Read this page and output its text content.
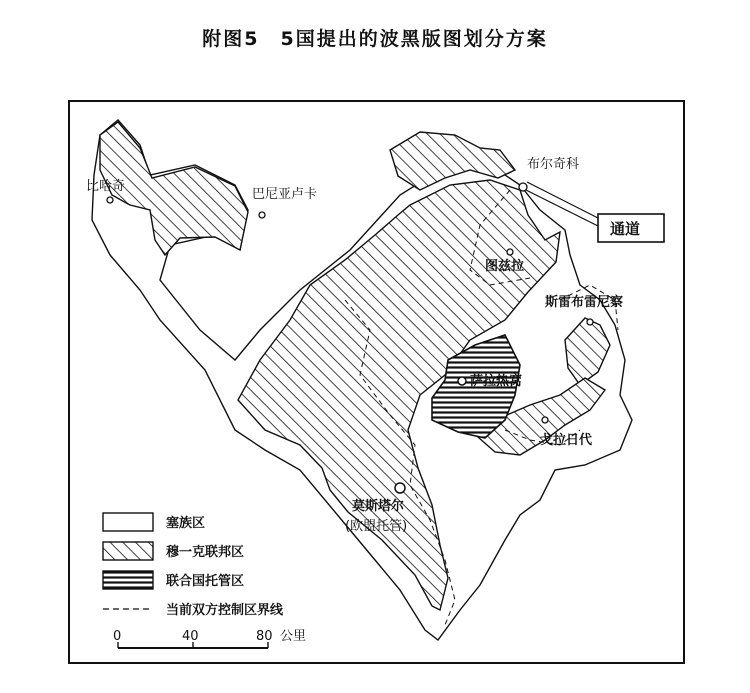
附图5　5国提出的波黑版图划分方案
比哈奇
巴尼亚卢卡
布尔奇科
图兹拉
斯雷布雷尼察
萨拉热窝
戈拉日代
莫斯塔尔
(欧盟托管)
通道
塞族区
穆一克联邦区
联合国托管区
当前双方控制区界线
0	40	80 公里
